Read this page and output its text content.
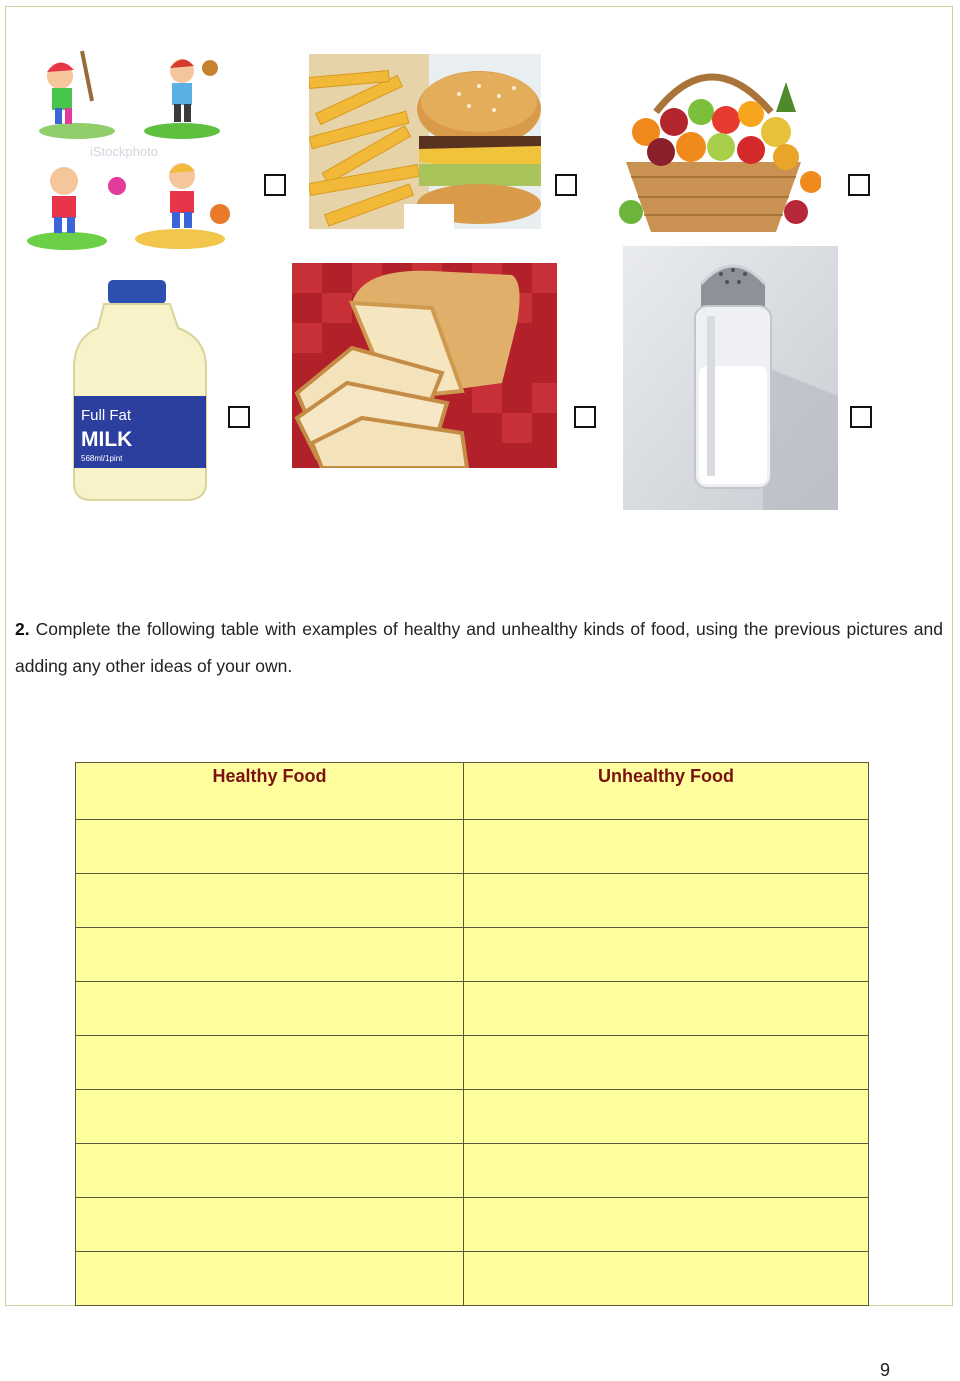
iStockphoto
Full Fat
MILK
568ml/1pint
2. Complete the following table with examples of healthy and unhealthy kinds of food, using the previous pictures and adding any other ideas of your own.
Healthy Food	Unhealthy Food

9
